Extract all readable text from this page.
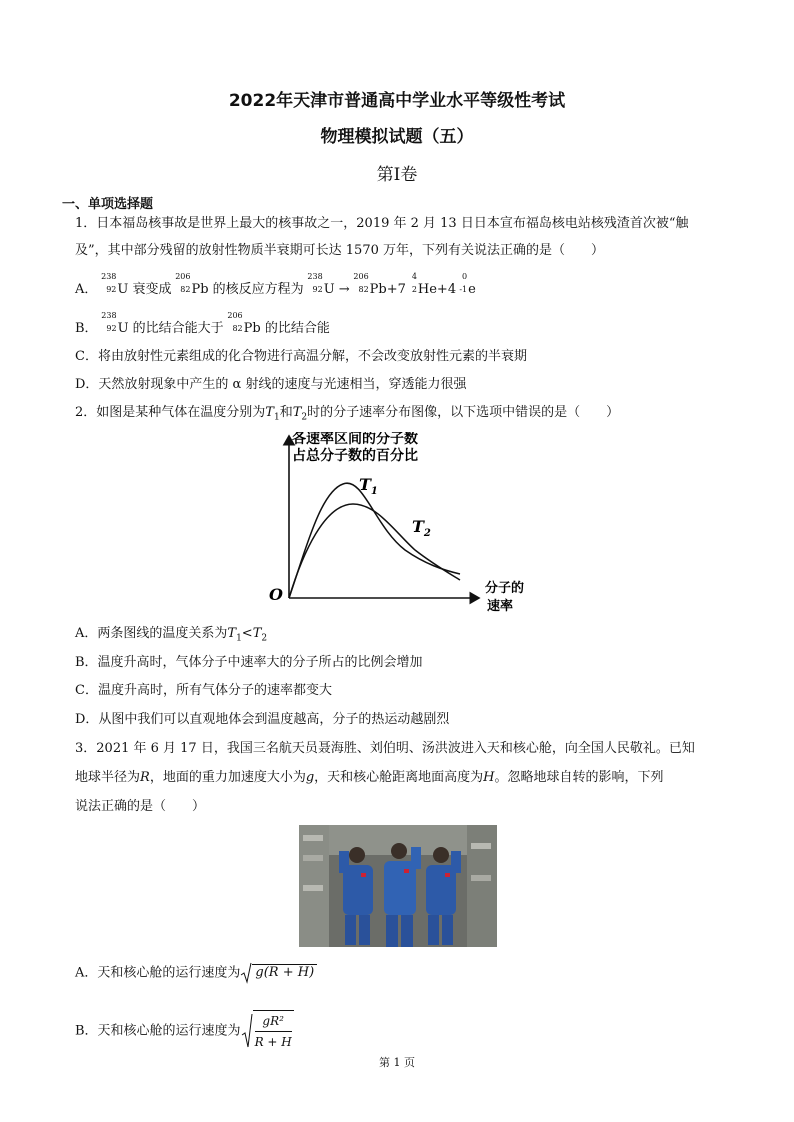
2022年天津市普通高中学业水平等级性考试
物理模拟试题（五）
第Ⅰ卷
一、单项选择题
1．日本福岛核事故是世界上最大的核事故之一，2019 年 2 月 13 日日本宣布福岛核电站核残渣首次被“触
及”，其中部分残留的放射性物质半衰期可长达 1570 万年，下列有关说法正确的是（　　）
A．
238
92 U 衰变成
206
82 Pb 的核反应方程为
238
92 U →
206
82 Pb+7
4
2 He+4
0
-1 e
B．
238
92 U 的比结合能大于
206
82 Pb 的比结合能
C．将由放射性元素组成的化合物进行高温分解，不会改变放射性元素的半衰期
D．天然放射现象中产生的 α 射线的速度与光速相当，穿透能力很强
2．如图是某种气体在温度分别为$T_1$和$T_2$时的分子速率分布图像，以下选项中错误的是（　　）
各速率区间的分子数
占总分子数的百分比
$T_1$
$T_2$
O	分子的
速率
A．两条图线的温度关系为$T_1<T_2$
B．温度升高时，气体分子中速率大的分子所占的比例会增加
C．温度升高时，所有气体分子的速率都变大
D．从图中我们可以直观地体会到温度越高，分子的热运动越剧烈
3．2021 年 6 月 17 日，我国三名航天员聂海胜、刘伯明、汤洪波进入天和核心舱，向全国人民敬礼。已知
地球半径为R，地面的重力加速度大小为g，天和核心舱距离地面高度为H。忽略地球自转的影响，下列
说法正确的是（　　）
A．天和核心舱的运行速度为 g(R + H)
B．天和核心舱的运行速度为 $\frac{\text{gR²}}{R + H}$
第 1 页
